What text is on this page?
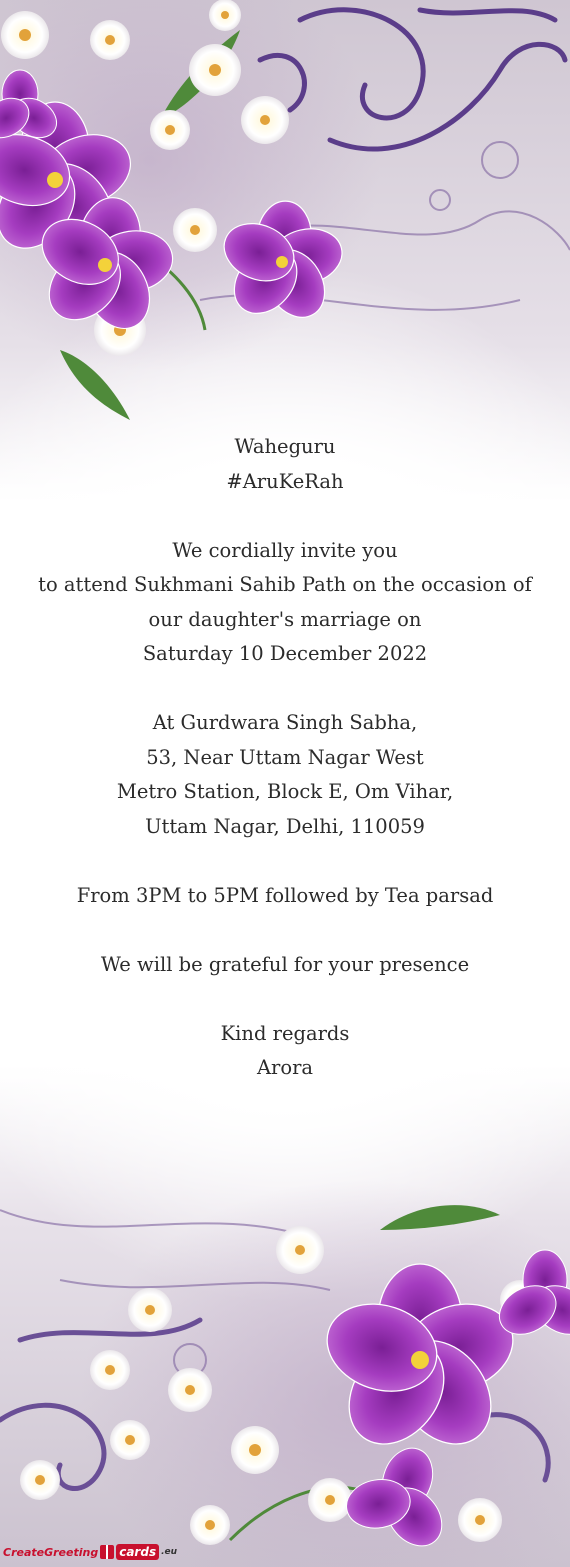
Waheguru
#AruKeRah
We cordially invite you
to attend Sukhmani Sahib Path on the occasion of
our daughter's marriage on
Saturday 10 December 2022
At Gurdwara Singh Sabha,
53, Near Uttam Nagar West
Metro Station, Block E, Om Vihar,
Uttam Nagar, Delhi, 110059
From 3PM to 5PM followed by Tea parsad
We will be grateful for your presence
Kind regards
Arora
CreateGreeting cards .eu
